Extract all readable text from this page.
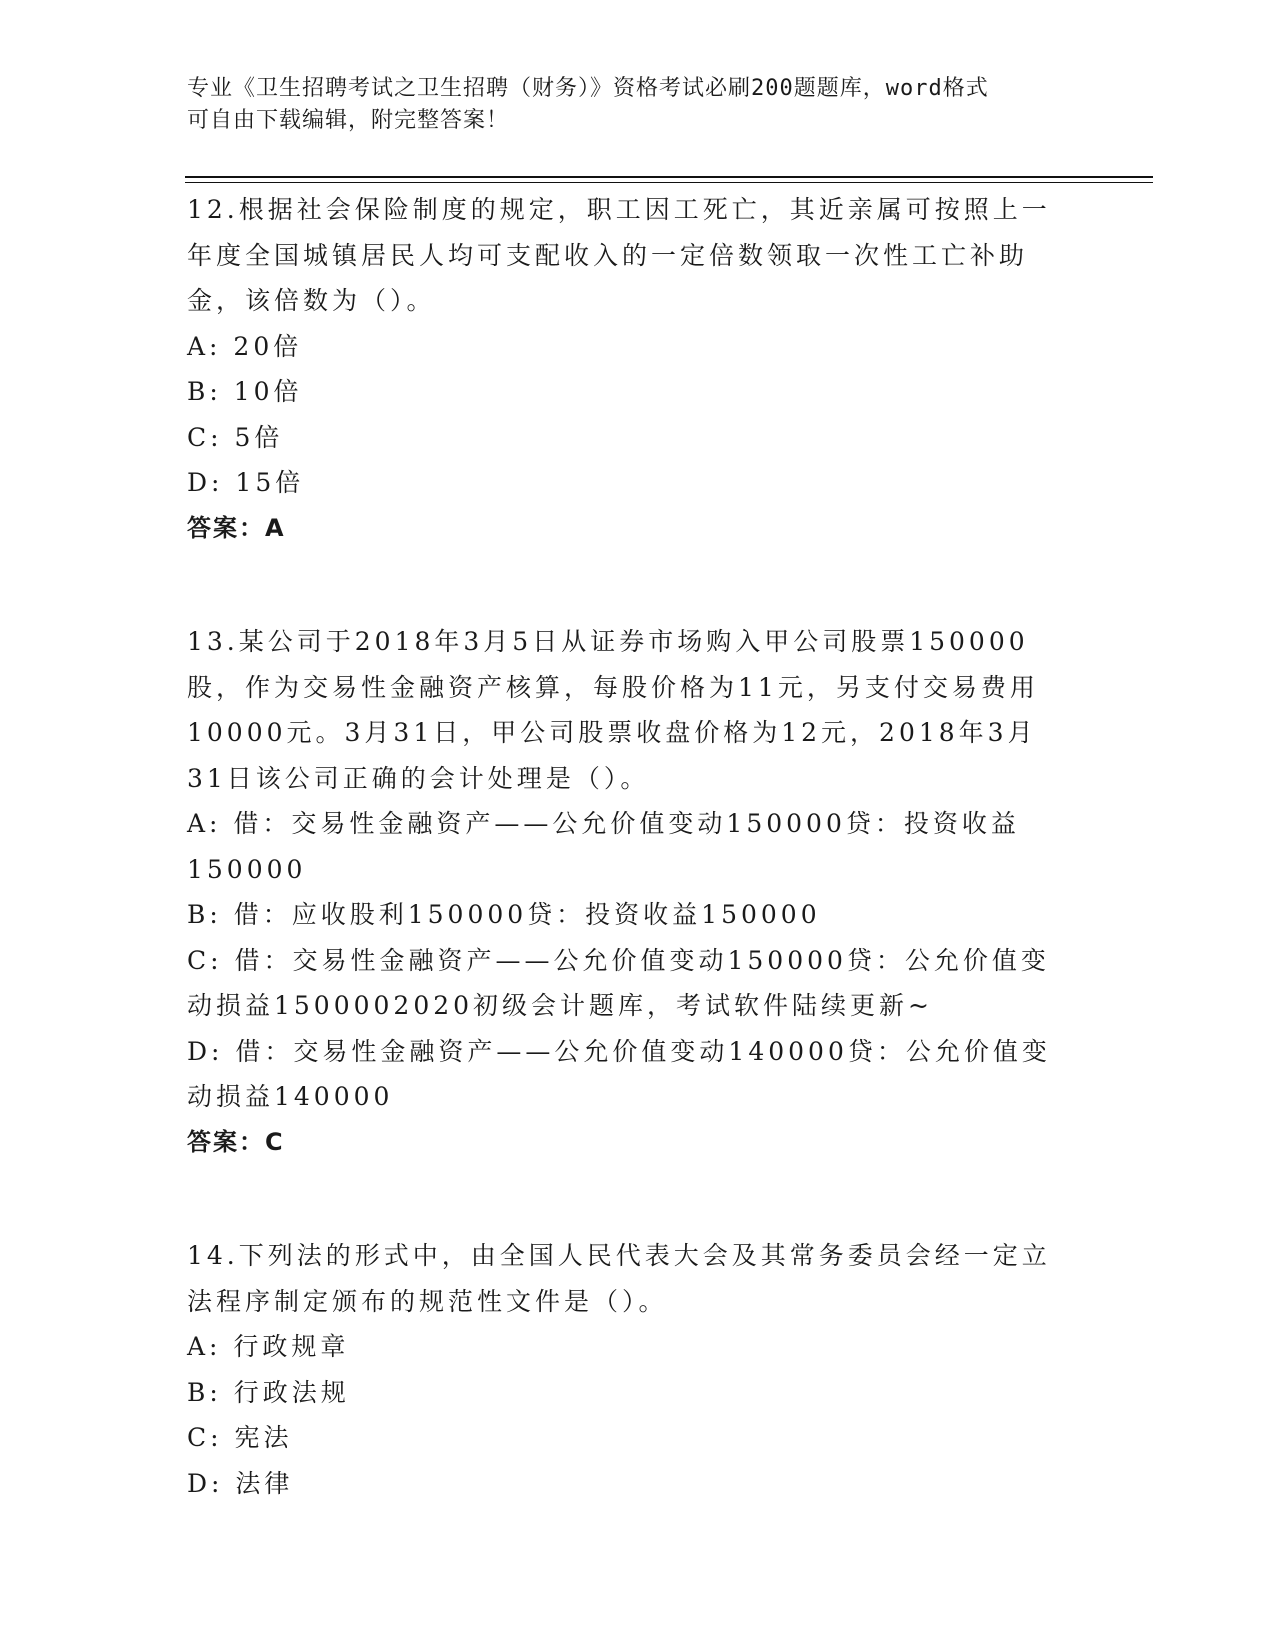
专业《卫生招聘考试之卫生招聘（财务）》资格考试必刷200题题库，word格式
可自由下载编辑，附完整答案！

12.根据社会保险制度的规定，职工因工死亡，其近亲属可按照上一年度全国城镇居民人均可支配收入的一定倍数领取一次性工亡补助金，该倍数为（）。

A: 20倍

B: 10倍

C: 5倍

D: 15倍

答案：A

13.某公司于2018年3月5日从证券市场购入甲公司股票150000股，作为交易性金融资产核算，每股价格为11元，另支付交易费用10000元。3月31日，甲公司股票收盘价格为12元，2018年3月31日该公司正确的会计处理是（）。

A: 借：交易性金融资产——公允价值变动150000贷：投资收益150000

B: 借：应收股利150000贷：投资收益150000

C: 借：交易性金融资产——公允价值变动150000贷：公允价值变动损益1500002020初级会计题库，考试软件陆续更新~

D: 借：交易性金融资产——公允价值变动140000贷：公允价值变动损益140000

答案：C

14.下列法的形式中，由全国人民代表大会及其常务委员会经一定立法程序制定颁布的规范性文件是（）。

A: 行政规章

B: 行政法规

C: 宪法

D: 法律
